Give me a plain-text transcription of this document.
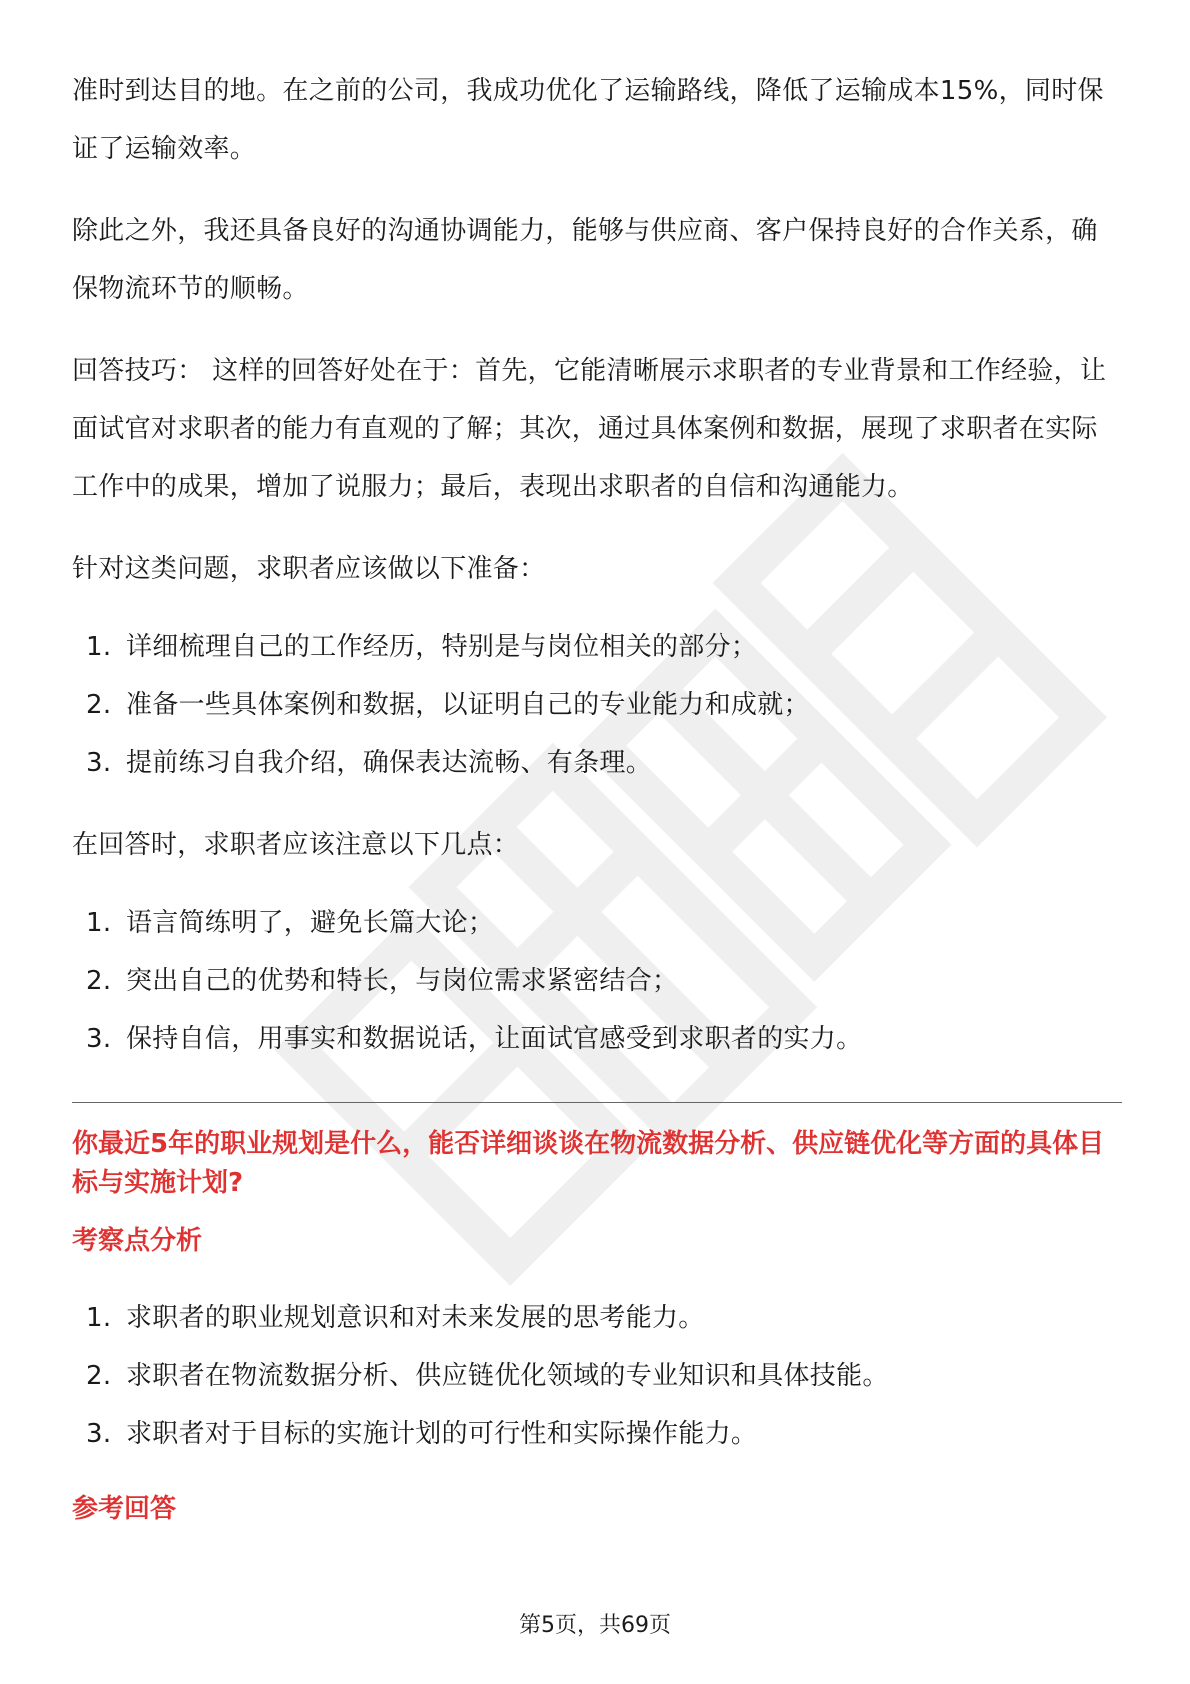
准时到达目的地。在之前的公司，我成功优化了运输路线，降低了运输成本15%，同时保证了运输效率。

除此之外，我还具备良好的沟通协调能力，能够与供应商、客户保持良好的合作关系，确保物流环节的顺畅。

回答技巧： 这样的回答好处在于：首先，它能清晰展示求职者的专业背景和工作经验，让面试官对求职者的能力有直观的了解；其次，通过具体案例和数据，展现了求职者在实际工作中的成果，增加了说服力；最后，表现出求职者的自信和沟通能力。

针对这类问题，求职者应该做以下准备：

1. 详细梳理自己的工作经历，特别是与岗位相关的部分；
2. 准备一些具体案例和数据，以证明自己的专业能力和成就；
3. 提前练习自我介绍，确保表达流畅、有条理。

在回答时，求职者应该注意以下几点：

1. 语言简练明了，避免长篇大论；
2. 突出自己的优势和特长，与岗位需求紧密结合；
3. 保持自信，用事实和数据说话，让面试官感受到求职者的实力。
你最近5年的职业规划是什么，能否详细谈谈在物流数据分析、供应链优化等方面的具体目标与实施计划?
考察点分析
1. 求职者的职业规划意识和对未来发展的思考能力。
2. 求职者在物流数据分析、供应链优化领域的专业知识和具体技能。
3. 求职者对于目标的实施计划的可行性和实际操作能力。
参考回答
第5页，共69页
